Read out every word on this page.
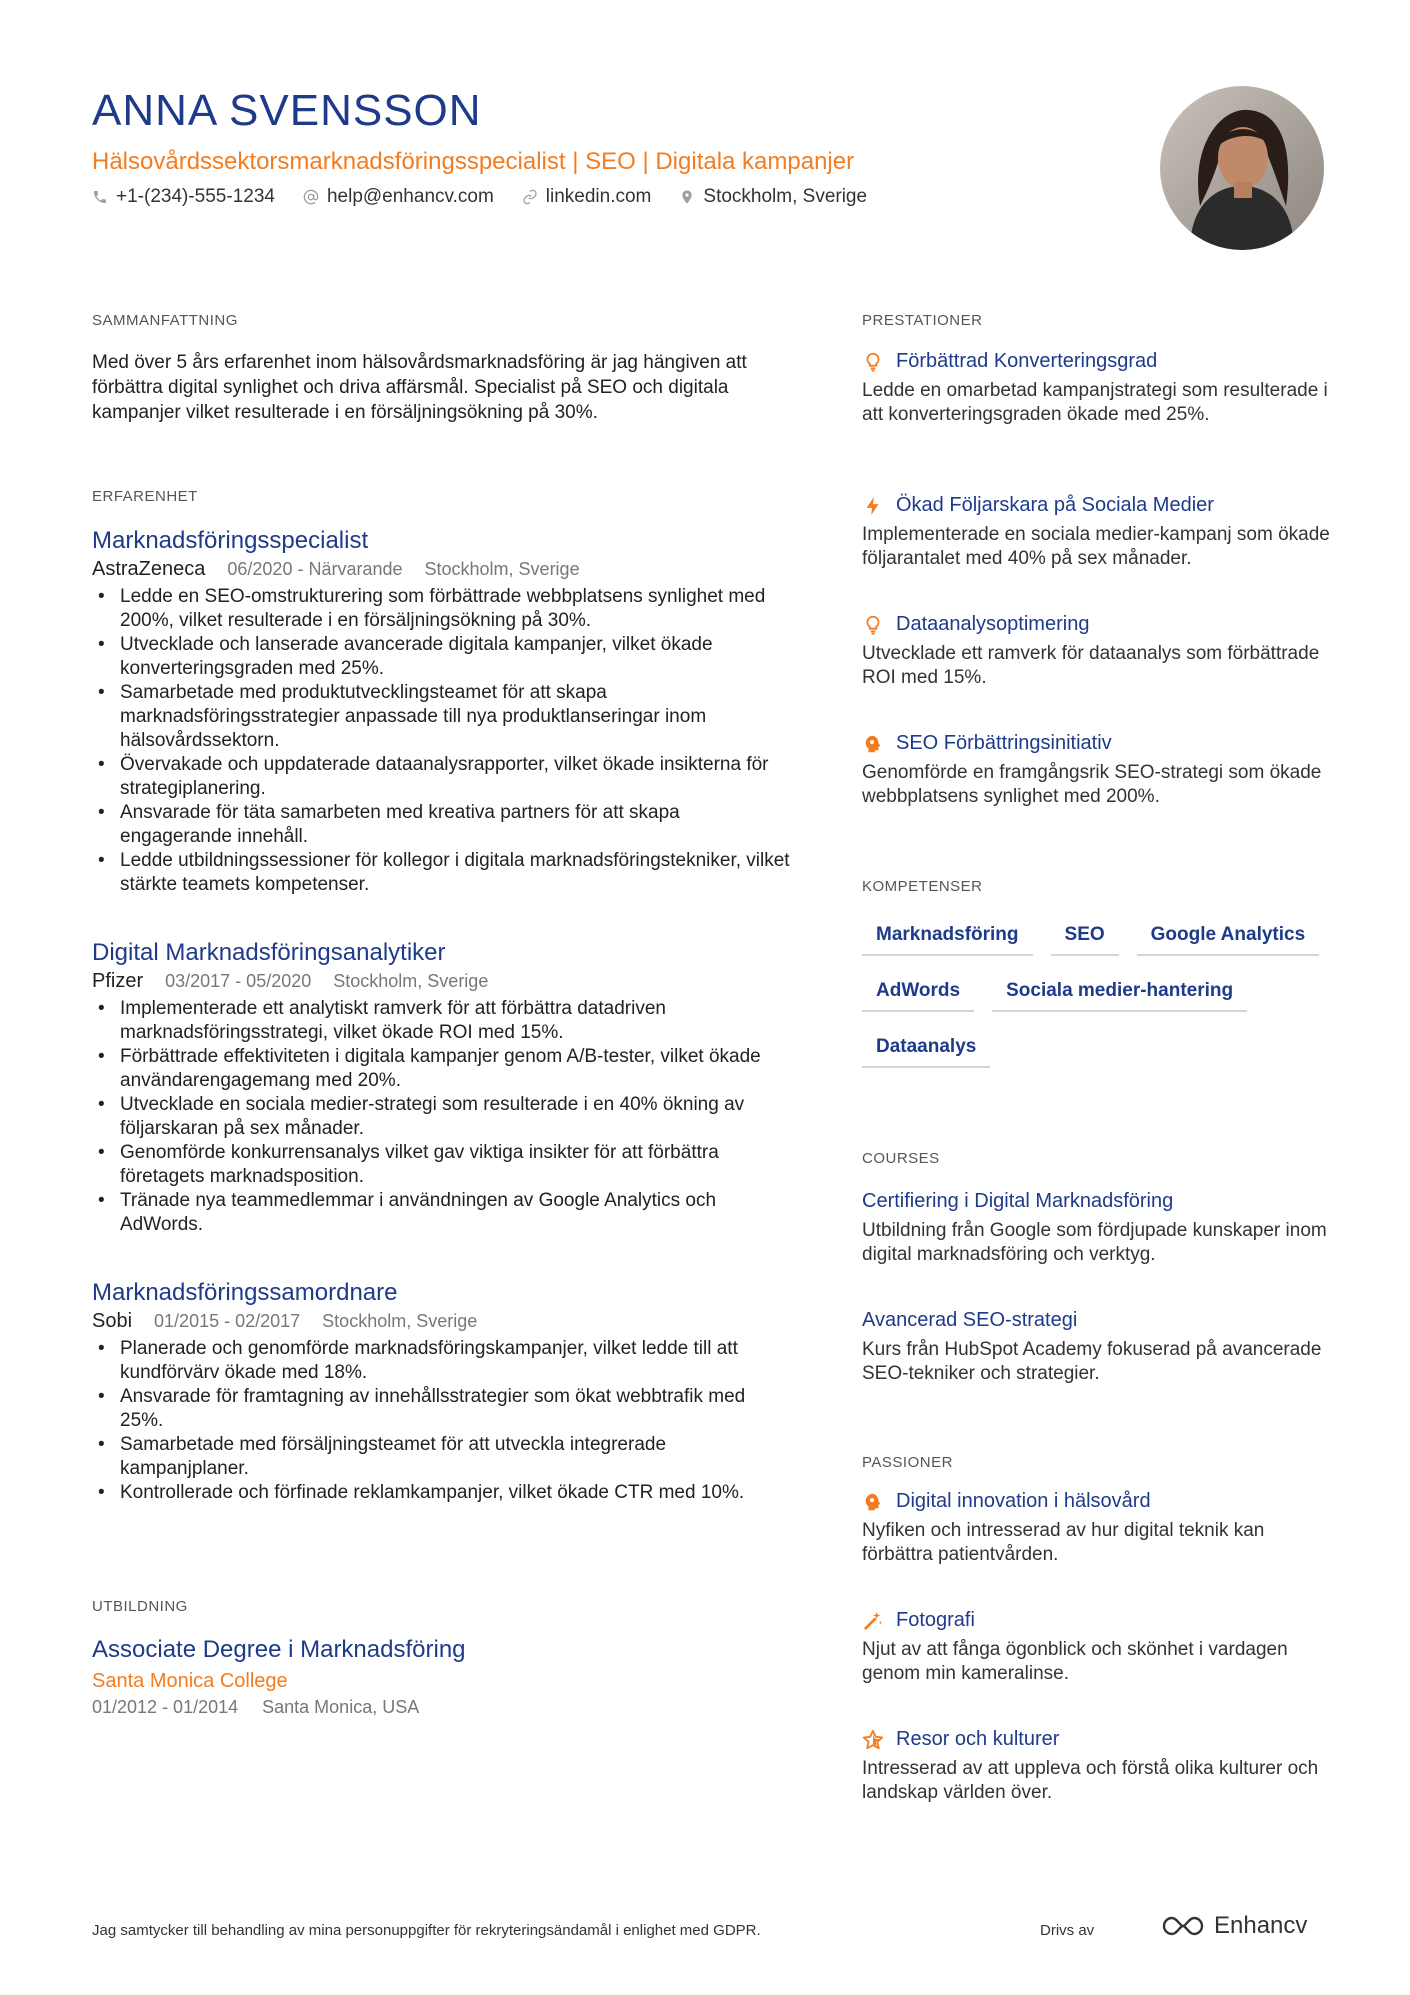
ANNA SVENSSON
Hälsovårdssektorsmarknadsföringsspecialist | SEO | Digitala kampanjer
+1-(234)-555-1234	help@enhancv.com	linkedin.com	Stockholm, Sverige
SAMMANFATTNING
Med över 5 års erfarenhet inom hälsovårdsmarknadsföring är jag hängiven att förbättra digital synlighet och driva affärsmål. Specialist på SEO och digitala kampanjer vilket resulterade i en försäljningsökning på 30%.
ERFARENHET
Marknadsföringsspecialist
AstraZeneca 06/2020 - Närvarande Stockholm, Sverige
• Ledde en SEO-omstrukturering som förbättrade webbplatsens synlighet med 200%, vilket resulterade i en försäljningsökning på 30%.
• Utvecklade och lanserade avancerade digitala kampanjer, vilket ökade konverteringsgraden med 25%.
• Samarbetade med produktutvecklingsteamet för att skapa marknadsföringsstrategier anpassade till nya produktlanseringar inom hälsovårdssektorn.
• Övervakade och uppdaterade dataanalysrapporter, vilket ökade insikterna för strategiplanering.
• Ansvarade för täta samarbeten med kreativa partners för att skapa engagerande innehåll.
• Ledde utbildningssessioner för kollegor i digitala marknadsföringstekniker, vilket stärkte teamets kompetenser.
Digital Marknadsföringsanalytiker
Pfizer 03/2017 - 05/2020 Stockholm, Sverige
• Implementerade ett analytiskt ramverk för att förbättra datadriven marknadsföringsstrategi, vilket ökade ROI med 15%.
• Förbättrade effektiviteten i digitala kampanjer genom A/B-tester, vilket ökade användarengagemang med 20%.
• Utvecklade en sociala medier-strategi som resulterade i en 40% ökning av följarskaran på sex månader.
• Genomförde konkurrensanalys vilket gav viktiga insikter för att förbättra företagets marknadsposition.
• Tränade nya teammedlemmar i användningen av Google Analytics och AdWords.
Marknadsföringssamordnare
Sobi 01/2015 - 02/2017 Stockholm, Sverige
• Planerade och genomförde marknadsföringskampanjer, vilket ledde till att kundförvärv ökade med 18%.
• Ansvarade för framtagning av innehållsstrategier som ökat webbtrafik med 25%.
• Samarbetade med försäljningsteamet för att utveckla integrerade kampanjplaner.
• Kontrollerade och förfinade reklamkampanjer, vilket ökade CTR med 10%.
UTBILDNING
Associate Degree i Marknadsföring
Santa Monica College
01/2012 - 01/2014 Santa Monica, USA
PRESTATIONER
Förbättrad Konverteringsgrad
Ledde en omarbetad kampanjstrategi som resulterade i att konverteringsgraden ökade med 25%.
Ökad Följarskara på Sociala Medier
Implementerade en sociala medier-kampanj som ökade följarantalet med 40% på sex månader.
Dataanalysoptimering
Utvecklade ett ramverk för dataanalys som förbättrade ROI med 15%.
SEO Förbättringsinitiativ
Genomförde en framgångsrik SEO-strategi som ökade webbplatsens synlighet med 200%.
KOMPETENSER
Marknadsföring	SEO	Google Analytics
AdWords	Sociala medier-hantering
Dataanalys
COURSES
Certifiering i Digital Marknadsföring
Utbildning från Google som fördjupade kunskaper inom digital marknadsföring och verktyg.
Avancerad SEO-strategi
Kurs från HubSpot Academy fokuserad på avancerade SEO-tekniker och strategier.
PASSIONER
Digital innovation i hälsovård
Nyfiken och intresserad av hur digital teknik kan förbättra patientvården.
Fotografi
Njut av att fånga ögonblick och skönhet i vardagen genom min kameralinse.
Resor och kulturer
Intresserad av att uppleva och förstå olika kulturer och landskap världen över.
Jag samtycker till behandling av mina personuppgifter för rekryteringsändamål i enlighet med GDPR.	Drivs av	Enhancv
